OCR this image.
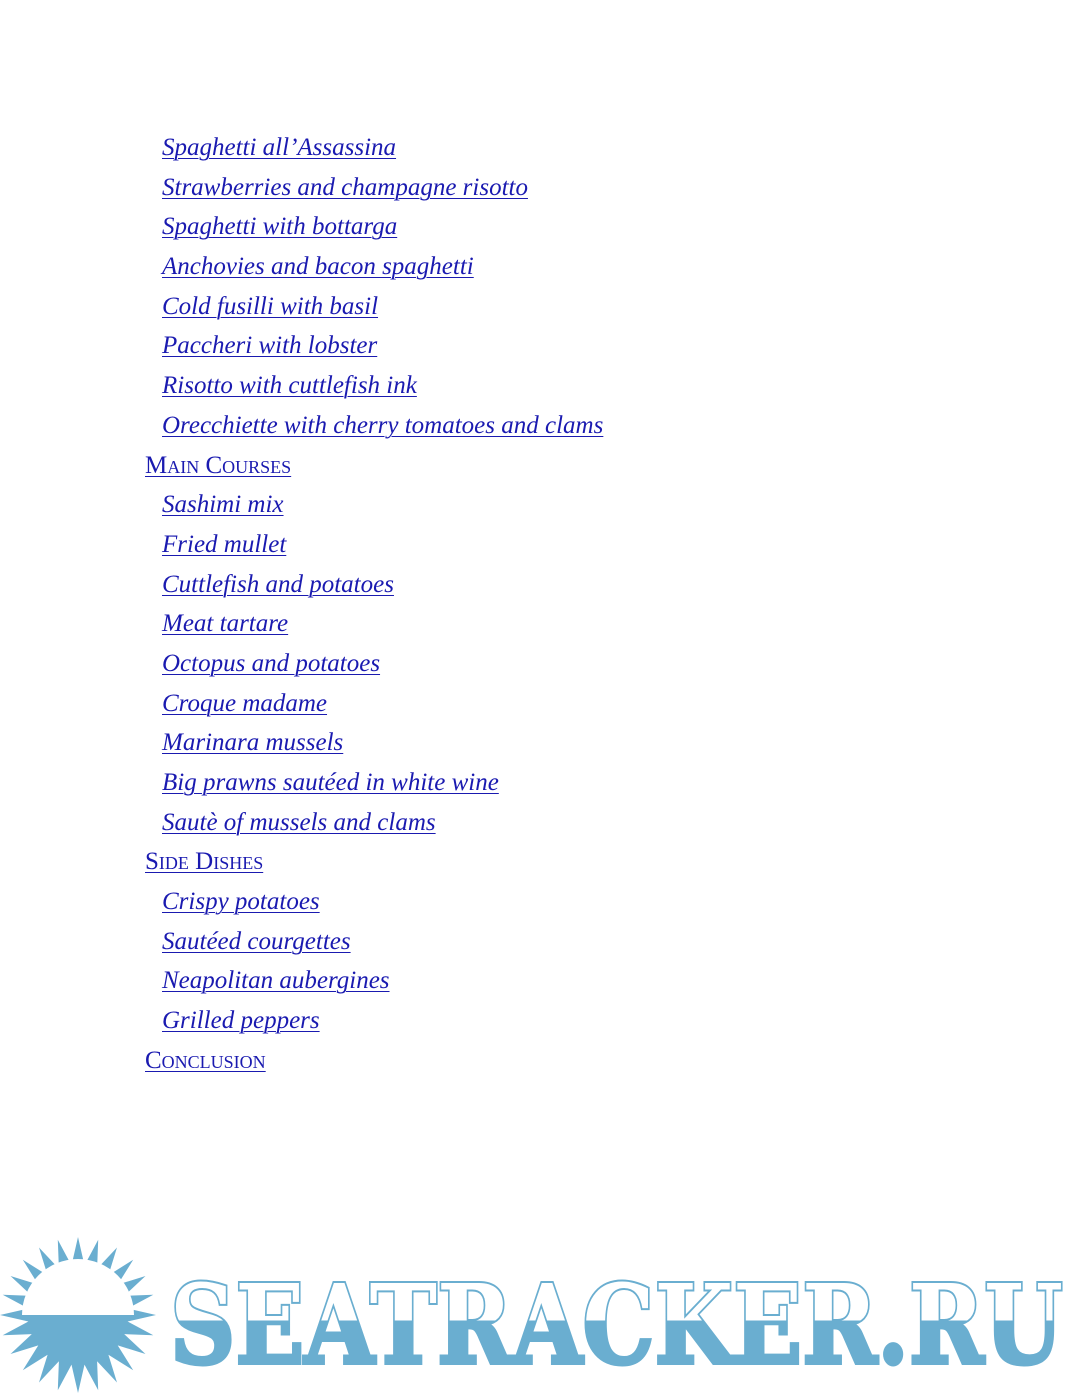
Spaghetti all’Assassina
Strawberries and champagne risotto
Spaghetti with bottarga
Anchovies and bacon spaghetti
Cold fusilli with basil
Paccheri with lobster
Risotto with cuttlefish ink
Orecchiette with cherry tomatoes and clams
Main Courses
Sashimi mix
Fried mullet
Cuttlefish and potatoes
Meat tartare
Octopus and potatoes
Croque madame
Marinara mussels
Big prawns sautéed in white wine
Sautè of mussels and clams
Side Dishes
Crispy potatoes
Sautéed courgettes
Neapolitan aubergines
Grilled peppers
Conclusion
SEATRACKER.RU
